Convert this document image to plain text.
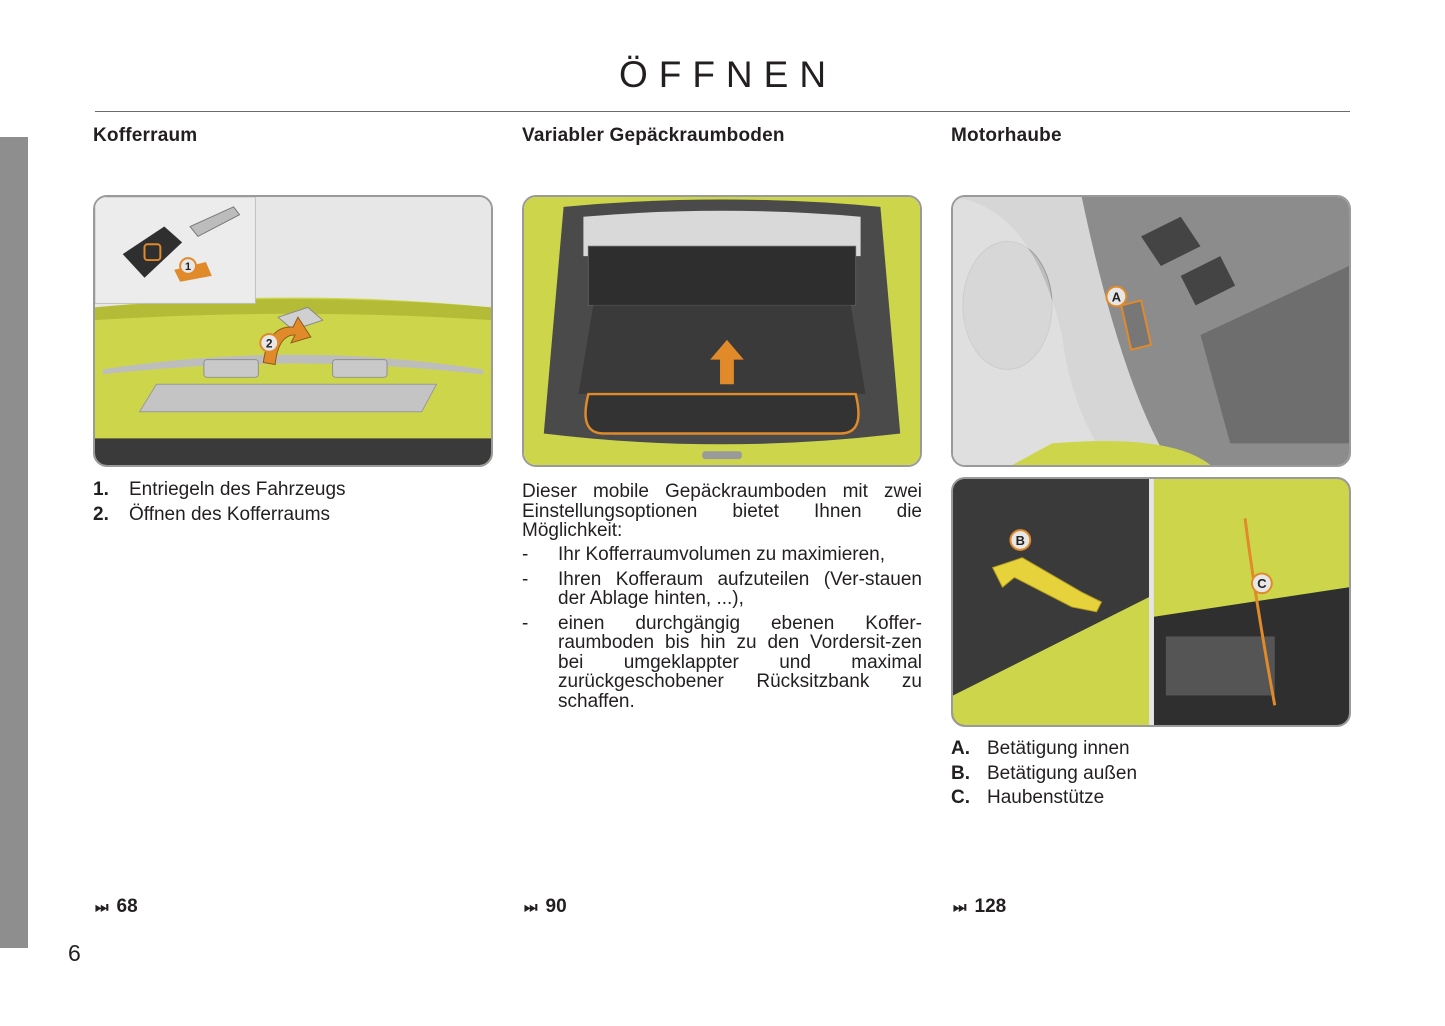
ÖFFNEN
Kofferraum
2
1
1.	Entriegeln des Fahrzeugs
2.	Öffnen des Kofferraums
⏭ 68
Variabler Gepäckraumboden

Dieser mobile Gepäckraumboden mit zwei Einstellungsoptionen bietet Ihnen die Möglichkeit:

-	Ihr Kofferraumvolumen zu maximieren,
-	Ihren Kofferaum aufzuteilen (Ver-stauen der Ablage hinten, ...),
-	einen durchgängig ebenen Koffer-raumboden bis hin zu den Vordersit-zen bei umgeklappter und maximal zurückgeschobener Rücksitzbank zu schaffen.
⏭ 90
Motorhaube
A
B
C
A. Betätigung innen
B. Betätigung außen
C. Haubenstütze
⏭ 128
6
